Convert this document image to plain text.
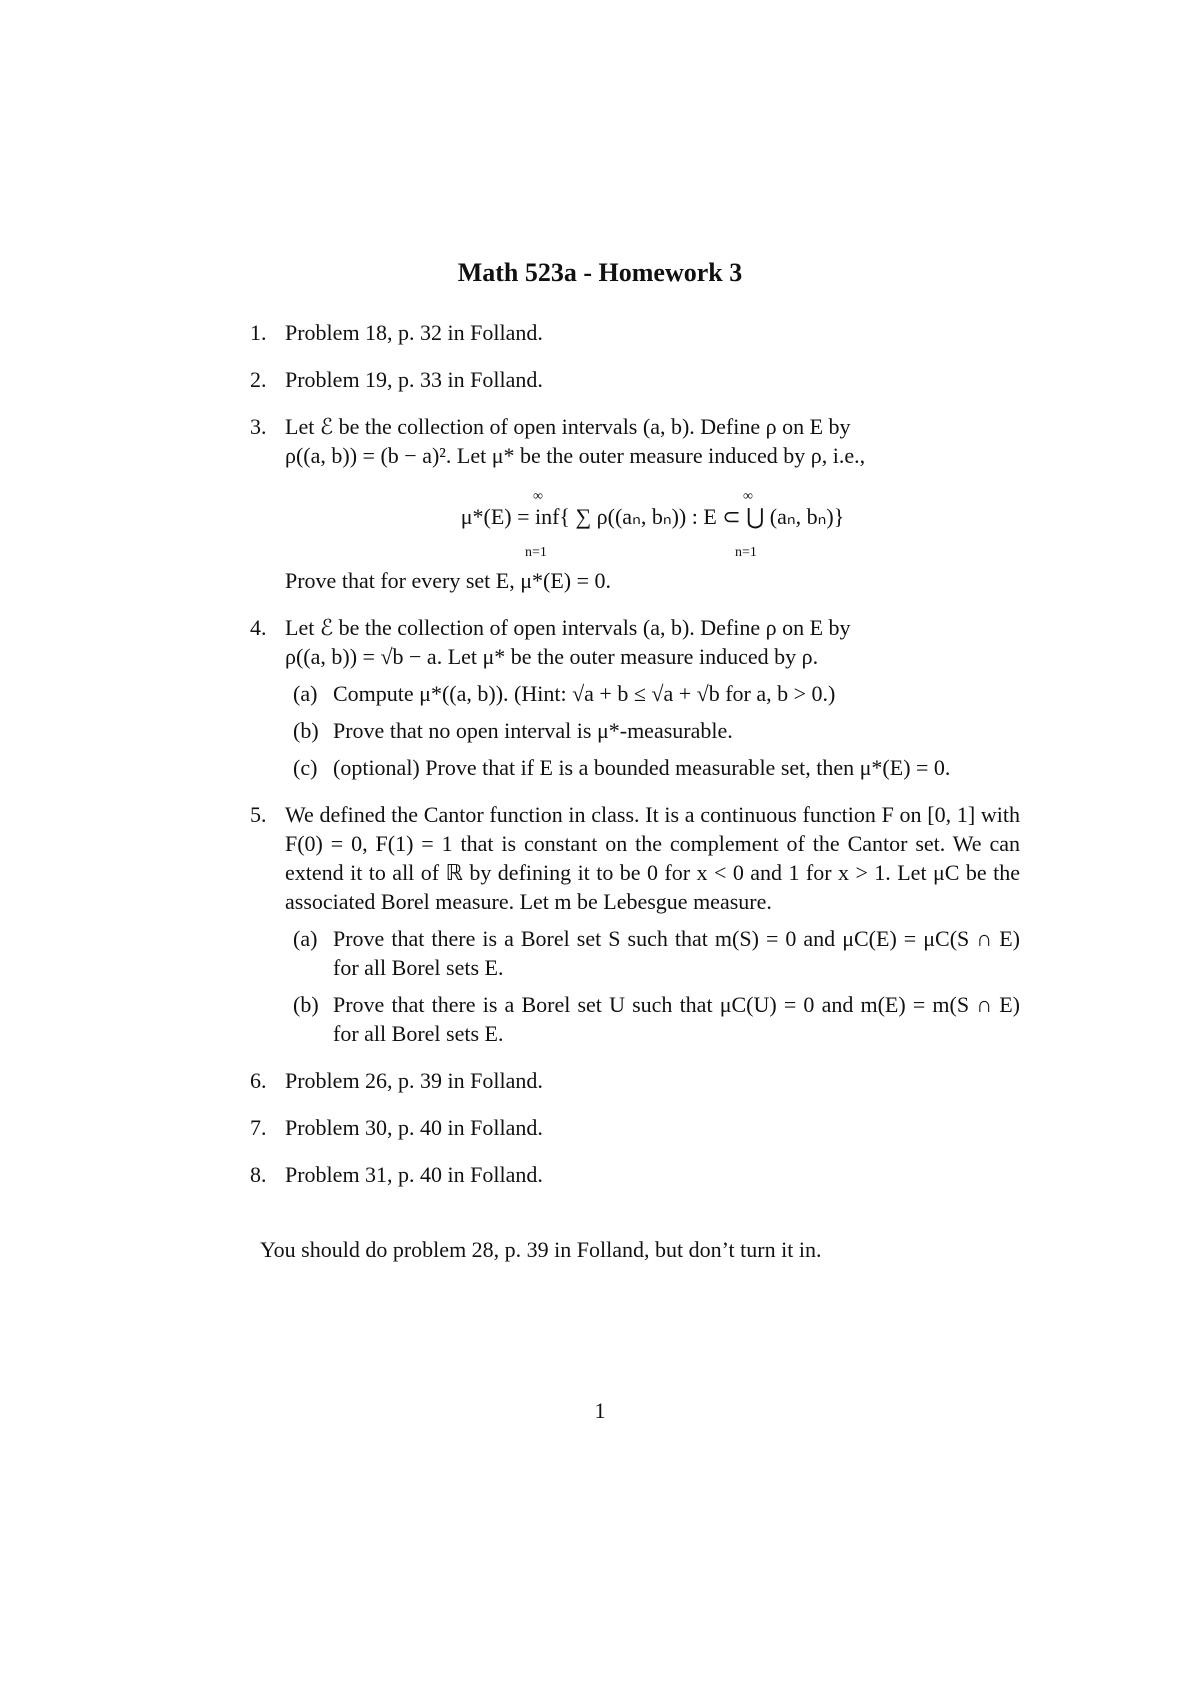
Math 523a - Homework 3
1. Problem 18, p. 32 in Folland.
2. Problem 19, p. 33 in Folland.
3. Let ℰ be the collection of open intervals (a, b). Define ρ on E by
ρ((a, b)) = (b − a)². Let μ* be the outer measure induced by ρ, i.e.,
∞	∞
μ*(E) = inf{ ∑ ρ((aₙ, bₙ)) : E ⊂ ⋃ (aₙ, bₙ)}
n=1	n=1
Prove that for every set E, μ*(E) = 0.
4. Let ℰ be the collection of open intervals (a, b). Define ρ on E by
ρ((a, b)) = √b − a. Let μ* be the outer measure induced by ρ.
(a) Compute μ*((a, b)). (Hint: √a + b ≤ √a + √b for a, b > 0.)
(b) Prove that no open interval is μ*-measurable.
(c) (optional) Prove that if E is a bounded measurable set, then μ*(E) = 0.
5. We defined the Cantor function in class. It is a continuous function F on [0, 1] with F(0) = 0, F(1) = 1 that is constant on the complement of the Cantor set. We can extend it to all of ℝ by defining it to be 0 for x < 0 and 1 for x > 1. Let μC be the associated Borel measure. Let m be Lebesgue measure.
(a) Prove that there is a Borel set S such that m(S) = 0 and μC(E) = μC(S ∩ E) for all Borel sets E.
(b) Prove that there is a Borel set U such that μC(U) = 0 and m(E) = m(S ∩ E) for all Borel sets E.
6. Problem 26, p. 39 in Folland.
7. Problem 30, p. 40 in Folland.
8. Problem 31, p. 40 in Folland.
You should do problem 28, p. 39 in Folland, but don’t turn it in.
1
